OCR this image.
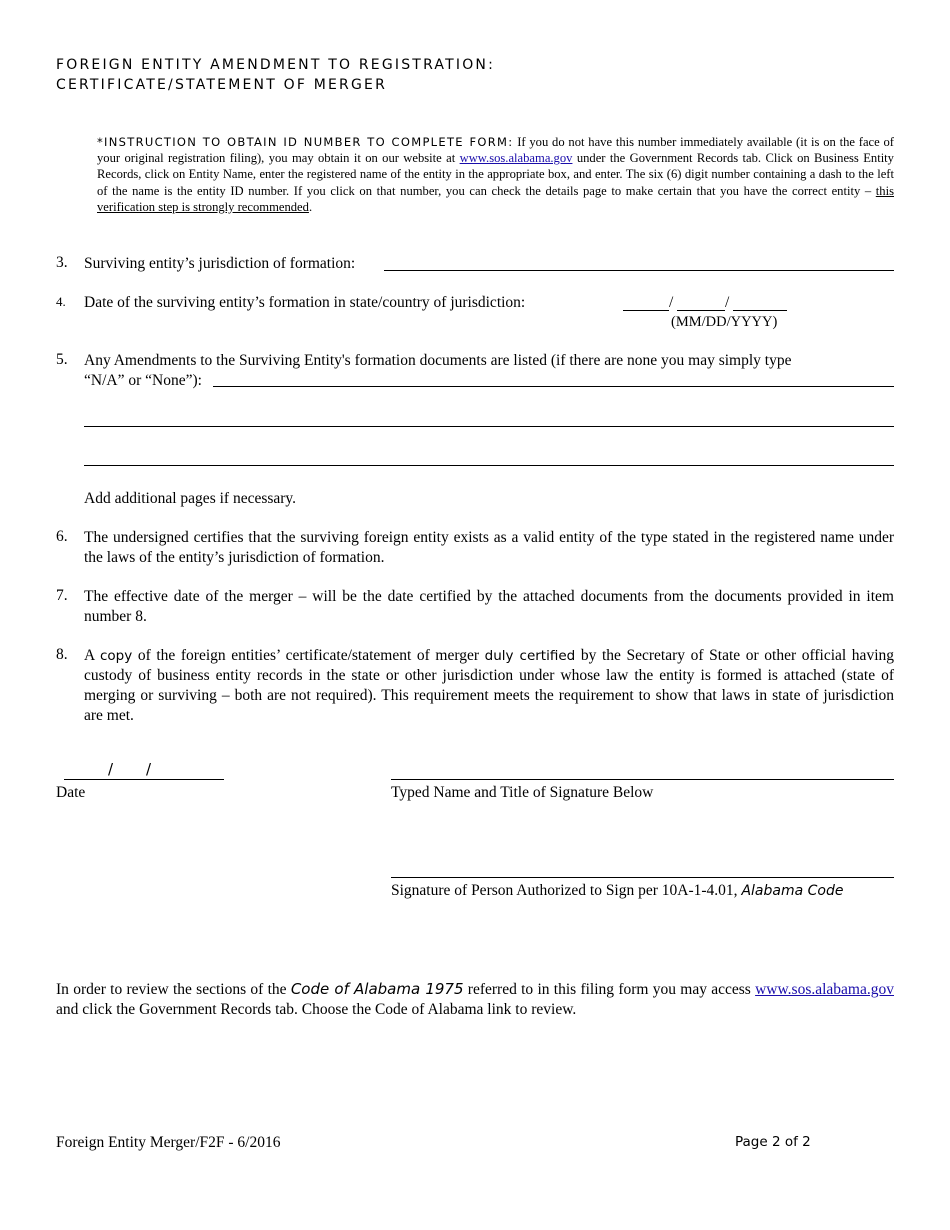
FOREIGN ENTITY AMENDMENT TO REGISTRATION:
CERTIFICATE/STATEMENT OF MERGER
*INSTRUCTION TO OBTAIN ID NUMBER TO COMPLETE FORM: If you do not have this number immediately available (it is on the face of your original registration filing), you may obtain it on our website at www.sos.alabama.gov under the Government Records tab. Click on Business Entity Records, click on Entity Name, enter the registered name of the entity in the appropriate box, and enter. The six (6) digit number containing a dash to the left of the name is the entity ID number. If you click on that number, you can check the details page to make certain that you have the correct entity – this verification step is strongly recommended.
3. Surviving entity’s jurisdiction of formation:
4. Date of the surviving entity’s formation in state/country of jurisdiction:	/	/
(MM/DD/YYYY)
5. Any Amendments to the Surviving Entity's formation documents are listed (if there are none you may simply type
“N/A” or “None”):
Add additional pages if necessary.
6. The undersigned certifies that the surviving foreign entity exists as a valid entity of the type stated in the registered name under the laws of the entity’s jurisdiction of formation.
7. The effective date of the merger – will be the date certified by the attached documents from the documents provided in item number 8.
8. A copy of the foreign entities’ certificate/statement of merger duly certified by the Secretary of State or other official having custody of business entity records in the state or other jurisdiction under whose law the entity is formed is attached (state of merging or surviving – both are not required). This requirement meets the requirement to show that laws in state of jurisdiction are met.
/ /
Date	Typed Name and Title of Signature Below
Signature of Person Authorized to Sign per 10A-1-4.01, Alabama Code
In order to review the sections of the Code of Alabama 1975 referred to in this filing form you may access www.sos.alabama.gov and click the Government Records tab. Choose the Code of Alabama link to review.
Foreign Entity Merger/F2F - 6/2016	Page 2 of 2
